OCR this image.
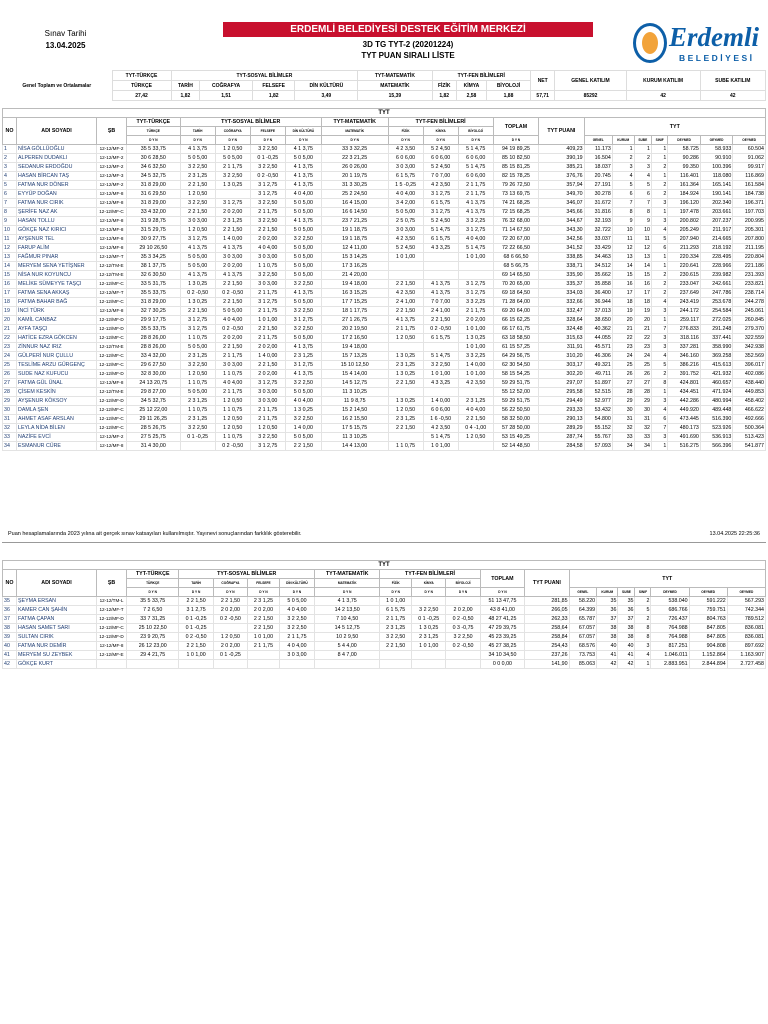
Sınav Tarihi
13.04.2025
ERDEMLİ BELEDİYESİ DESTEK EĞİTİM MERKEZİ
3D TG TYT-2 (20201224)
TYT PUAN SIRALI LİSTE
Erdemli
BELEDİYESİ
Genel Toplam ve Ortalamalar	TYT-TÜRKÇE	TYT-SOSYAL BİLİMLER				TYT-MATEMATİK	TYT-FEN BİLİMLERİ			NET	GENEL KATILIM	KURUM KATILIM	SUBE KATILIM
	TÜRKÇE	TARİH	COĞRAFYA	FELSEFE	DİN KÜLTÜRÜ	MATEMATİK	FİZİK	KİMYA	BİYOLOJİ				
	27,42	1,82	1,51	1,82	3,49	15,39	1,82	2,58	1,88	57,71	85292	42	42
TYT																				
NO	ADI SOYADI	ŞB	TYT-TÜRKÇE	TYT-SOSYAL BİLİMLER				TYT-MATEMATİK	TYT-FEN BİLİMLERİ			TOPLAM	TYT PUANI	TYT						
			TÜRKÇE	TARİH	COĞRAFYA	FELSEFE	DİN KÜLTÜRÜ	MATEMATİK	FİZİK	KİMYA	BİYOLOJİ									
			D Y N	D Y N	D Y N	D Y N	D Y N	D Y N	D Y N	D Y N	D Y N	D Y N		GENEL	KURUM	SUBE	SINIF	DEYMED	OEYMED	OEYMED
1	NİSA GÖLLÜOĞLU	12-12/MF-2	35 5 33,75	4 1 3,75	1 2 0,50	3 2 2,50	4 1 3,75	33 3 32,25	4 2 3,50	5 2 4,50	5 1 4,75	94 19 89,25	409,23	11.173	1	1	1	58.725	58.933	60.504
2	ALPEREN DUDAKLI	12-12/MF-2	30 6 28,50	5 0 5,00	5 0 5,00	0 1 -0,25	5 0 5,00	22 3 21,25	6 0 6,00	6 0 6,00	6 0 6,00	85 10 82,50	390,19	16.504	2	2	1	90.286	90.910	91.062
3	SEDANUR ERDOĞDU	12-12/MF-2	34 6 32,50	3 2 2,50	2 1 1,75	3 2 2,50	4 1 3,75	26 0 26,00	3 0 3,00	5 2 4,50	5 1 4,75	85 15 81,25	385,21	18.037	3	3	2	99.350	100.396	99.917
4	HASAN BİRCAN TAŞ	12-12/MF-3	34 5 32,75	2 3 1,25	3 2 2,50	0 2 -0,50	4 1 3,75	20 1 19,75	6 1 5,75	7 0 7,00	6 0 6,00	82 15 78,25	376,76	20.745	4	4	1	116.401	118.080	116.869
5	FATMA NUR DÖNER	12-12/MF-2	31 8 29,00	2 2 1,50	1 3 0,25	3 1 2,75	4 1 3,75	31 3 30,25	1 5 -0,25	4 2 3,50	2 1 1,75	79 26 72,50	357,94	27.191	5	5	2	161.364	165.141	161.584
6	EYYÜP DOĞAN	12-12/MF-8	31 6 29,50	1 2 0,50		3 1 2,75	4 0 4,00	25 2 24,50	4 0 4,00	3 1 2,75	2 1 1,75	73 13 69,75	349,70	30.278	6	6	2	184.924	190.141	184.738
7	FATMA NUR CIRIK	12-12/MF-8	31 8 29,00	3 2 2,50	3 1 2,75	3 2 2,50	5 0 5,00	16 4 15,00	3 4 2,00	6 1 5,75	4 1 3,75	74 21 68,25	346,07	31.672	7	7	3	196.120	202.340	196.371
8	ŞERİFE NAZ AK	12-12/MF-C	33 4 32,00	2 2 1,50	2 0 2,00	2 1 1,75	5 0 5,00	16 6 14,50	5 0 5,00	3 1 2,75	4 1 3,75	72 15 68,25	345,66	31.816	8	8	1	197.478	203.661	197.703
9	HASAN TOLLU	12-12/MF-8	31 9 28,75	3 0 3,00	2 3 1,25	3 2 2,50	4 1 3,75	23 7 21,25	2 5 0,75	5 2 4,50	3 3 2,25	76 32 68,00	344,67	32.193	9	9	3	200.802	207.237	200.995
10	GÖKÇE NAZ KIRICI	12-12/MF-8	31 5 29,75	1 2 0,50	2 2 1,50	2 2 1,50	5 0 5,00	19 1 18,75	3 0 3,00	5 1 4,75	3 1 2,75	71 14 67,50	343,30	32.722	10	10	4	205.249	211.917	205.301
11	AYŞENUR TEL	12-12/MF-8	30 9 27,75	3 1 2,75	1 4 0,00	2 0 2,00	3 2 2,50	19 1 18,75	4 2 3,50	6 1 5,75	4 0 4,00	72 20 67,00	342,56	33.037	11	11	5	207.940	214.665	207.800
12	FARUP ALİM	12-12/MF-8	29 10 26,50	4 1 3,75	4 1 3,75	4 0 4,00	5 0 5,00	12 4 11,00	5 2 4,50	4 3 3,25	5 1 4,75	72 22 66,50	341,52	33.429	12	12	6	211.293	218.192	211.195
13	FAĞMUR PINAR	12-12/MF-T	35 3 34,25	5 0 5,00	3 0 3,00	3 0 3,00	5 0 5,00	15 3 14,25	1 0 1,00		1 0 1,00	68 6 66,50	338,85	34.463	13	13	1	220.334	228.495	220.804
14	MERYEM SENA YETİŞNER	12-12/TM-E	38 1 37,75	5 0 5,00	2 0 2,00	1 1 0,75	5 0 5,00	17 3 16,25				68 5 66,75	338,71	34.512	14	14	1	220.641	228.966	221.186
15	NİSA NUR KOYUNCU	12-12/TM-E	32 6 30,50	4 1 3,75	4 1 3,75	3 2 2,50	5 0 5,00	21 4 20,00				69 14 65,50	335,90	35.662	15	15	2	230.615	239.982	231.393
16	MELİKE SÜMEYYE TAŞÇI	12-12/MF-C	33 5 31,75	1 3 0,25	2 2 1,50	3 0 3,00	3 2 2,50	19 4 18,00	2 2 1,50	4 1 3,75	3 1 2,75	70 20 65,00	335,37	35.858	16	16	2	233.047	242.661	233.821
17	FATMA SENA AKKAŞ	12-12/MF-T	35 5 33,75	0 2 -0,50	0 2 -0,50	2 1 1,75	4 1 3,75	16 3 15,25	4 2 3,50	4 1 3,75	3 1 2,75	69 18 64,50	334,03	36.400	17	17	2	237.649	247.786	238.714
18	FATMA BAHAR BAĞ	12-12/MF-C	31 8 29,00	1 3 0,25	2 2 1,50	3 1 2,75	5 0 5,00	17 7 15,25	2 4 1,00	7 0 7,00	3 3 2,25	71 28 64,00	332,66	36.944	18	18	4	243.419	253.678	244.278
19	İNCİ TÜRK	12-12/MF-8	32 7 30,25	2 2 1,50	5 0 5,00	2 1 1,75	3 2 2,50	18 1 17,75	2 2 1,50	2 4 1,00	2 1 1,75	69 20 64,00	332,47	37.013	19	19	3	244.172	254.584	245.061
20	KAMİL CANBAZ	12-12/MF-D	29 9 17,75	3 1 2,75	4 0 4,00	1 0 1,00	3 1 2,75	27 1 26,75	4 1 3,75	2 2 1,50	2 0 2,00	66 15 62,25	328,64	38.650	20	20	1	259.117	272.025	260.845
21	AYFA TAŞÇI	12-12/MF-D	35 5 33,75	3 1 2,75	0 2 -0,50	2 2 1,50	3 2 2,50	20 2 19,50	2 1 1,75	0 2 -0,50	1 0 1,00	66 17 61,75	324,48	40.362	21	21	7	276.833	291.248	279.370
22	HATİCE EZRA GÖKCEN	12-12/MF-C	28 8 26,00	1 1 0,75	2 0 2,00	2 1 1,75	5 0 5,00	17 2 16,50	1 2 0,50	6 1 5,75	1 3 0,25	63 18 58,50	315,63	44.055	22	22	3	318.116	337.441	322.559
23	ZİNNUR NAZ IRIZ	12-12/TM-E	28 8 26,00	5 0 5,00	2 2 1,50	2 0 2,00	4 1 3,75	19 4 18,00			1 0 1,00	61 15 57,25	311,91	45.571	23	23	3	337.281	358.990	342.938
24	GÜLPERİ NUR ÇULLU	12-12/MF-C	33 4 32,00	2 3 1,25	2 1 1,75	1 4 0,00	2 3 1,25	15 7 13,25	1 3 0,25	5 1 4,75	3 3 2,25	64 29 56,75	310,20	46.306	24	24	4	346.160	369.258	352.569
25	TESLİME ARZU GÜRGENÇ	12-12/MF-C	29 6 27,50	3 2 2,50	3 0 3,00	2 2 1,50	3 1 2,75	15 10 12,50	2 3 1,25	3 2 2,50	1 4 0,00	62 30 54,50	303,17	49.321	25	25	5	386.216	415.613	396.017
26	SUDE NAZ KUFUCU	12-12/MF-D	32 8 30,00	1 2 0,50	1 1 0,75	2 0 2,00	4 1 3,75	15 4 14,00	1 3 0,25	1 0 1,00	1 0 1,00	58 15 54,25	302,20	49.711	26	26	2	391.752	421.932	402.086
27	FATMA GÜL ÜNAL	12-12/MF-8	24 13 20,75	1 1 0,75	4 0 4,00	3 1 2,75	3 2 2,50	14 5 12,75	2 2 1,50	4 3 3,25	4 2 3,50	59 29 51,75	297,07	51.897	27	27	8	424.801	460.657	438.440
28	ÇİSEM KESKİN	12-12/TM-E	29 8 27,00	5 0 5,00	2 1 1,75	3 0 3,00	5 0 5,00	11 3 10,25				55 12 52,00	295,58	52.515	28	28	1	434.451	471.924	449.853
29	AYŞENUR KÖKSOY	12-12/MF-D	34 5 32,75	2 3 1,25	1 2 0,50	3 0 3,00	4 0 4,00	11 9 8,75	1 3 0,25	1 4 0,00	2 3 1,25	59 29 51,75	294,49	52.977	29	29	3	442.286	480.994	458.402
30	DAMLA ŞEN	12-12/MF-C	25 12 22,00	1 1 0,75	1 1 0,75	2 1 1,75	1 3 0,25	15 2 14,50	1 2 0,50	6 0 6,00	4 0 4,00	56 22 50,50	293,33	53.432	30	30	4	449.920	489.448	466.622
31	AHMET ASAF ARSLAN	12-12/MF-C	29 11 26,25	2 3 1,25	1 2 0,50	2 1 1,75	3 2 2,50	16 2 15,50	2 3 1,25	1 6 -0,50	2 2 1,50	58 32 50,00	290,13	54.800	31	31	6	473.445	516.390	492.666
32	LEYLA NİDA BİLEN	12-12/MF-C	28 5 26,75	3 2 2,50	1 2 0,50	1 2 0,50	1 4 0,00	17 5 15,75	2 2 1,50	4 2 3,50	0 4 -1,00	57 28 50,00	289,29	55.152	32	32	7	480.173	523.926	500.364
33	NAZİFE EVCİ	12-12/MF-2	27 5 25,75	0 1 -0,25	1 1 0,75	3 2 2,50	5 0 5,00	11 3 10,25		5 1 4,75	1 2 0,50	53 15 49,25	287,74	55.767	33	33	3	491.690	536.913	513.423
34	ESMANUR CÜRE	12-12/MF-8	31 4 30,00		0 2 -0,50	3 1 2,75	2 2 1,50	14 4 13,00	1 1 0,75	1 0 1,00		52 14 48,50	284,58	57.093	34	34	1	516.275	566.396	541.877
Puan hesaplamalarında 2023 yılına ait gerçek sınav katsayıları kullanılmıştır. Yayınevi sonuçlarından farklılık gösterebilir.	13.04.2025 22:25:36
TYT																				
NO	ADI SOYADI	ŞB	TYT-TÜRKÇE	TYT-SOSYAL BİLİMLER				TYT-MATEMATİK	TYT-FEN BİLİMLERİ			TOPLAM	TYT PUANI	TYT						
			TÜRKÇE	TARİH	COĞRAFYA	FELSEFE	DİN KÜLTÜRÜ	MATEMATİK	FİZİK	KİMYA	BİYOLOJİ									
			D Y N	D Y N	D Y N	D Y N	D Y N	D Y N	D Y N	D Y N	D Y N	D Y N		GENEL	KURUM	SUBE	SINIF	DEYMED	OEYMED	OEYMED
35	ŞEYMA ERSAN	12-12/TM-L	35 5 33,75	2 2 1,50	2 2 1,50	2 3 1,25	5 0 5,00	4 1 3,75	1 0 1,00			51 13 47,75	281,85	58.220	35	35	2	538.040	591.222	567.293
36	KAMER CAN ŞAHİN	12-12/MF-T	7 2 6,50	3 1 2,75	2 0 2,00	2 0 2,00	4 0 4,00	14 2 13,50	6 1 5,75	3 2 2,50	2 0 2,00	43 8 41,00	266,05	64.399	36	36	5	686.766	759.751	742.344
37	FATMA ÇAPAN	12-12/MF-D	33 7 31,25	0 1 -0,25	0 2 -0,50	2 2 1,50	3 2 2,50	7 10 4,50	2 1 1,75	0 1 -0,25	0 2 -0,50	48 27 41,25	262,33	65.787	37	37	2	726.437	804.763	789.512
38	HASAN SAMET SARI	12-12/MF-C	25 10 22,50	0 1 -0,25		2 2 1,50	3 2 2,50	14 5 12,75	2 3 1,25	1 3 0,25	0 3 -0,75	47 29 39,75	258,64	67.057	38	38	8	764.988	847.805	836.081
39	SULTAN CIRIK	12-12/MF-D	23 9 20,75	0 2 -0,50	1 2 0,50	1 0 1,00	2 1 1,75	10 2 9,50	3 2 2,50	2 3 1,25	3 2 2,50	45 23 39,25	258,84	67.057	38	38	8	764.988	847.805	836.081
40	FATMA NUR DEMİR	12-12/MF-8	26 12 23,00	2 2 1,50	2 0 2,00	2 1 1,75	4 0 4,00	5 4 4,00	2 2 1,50	1 0 1,00	0 2 -0,50	45 27 38,25	254,43	68.576	40	40	3	817.251	904.808	897.692
41	MERYEM SU ZEYBEK	12-12/MF-E	29 4 21,75	1 0 1,00	0 1 -0,25		3 0 3,00	8 4 7,00				34 10 34,50	237,26	73.753	41	41	4	1.046.011	1.152.864	1.163.907
42	GÖKÇE KURT											0 0 0,00	141,90	85.063	42	42	1	2.883.951	2.844.894	2.727.458
